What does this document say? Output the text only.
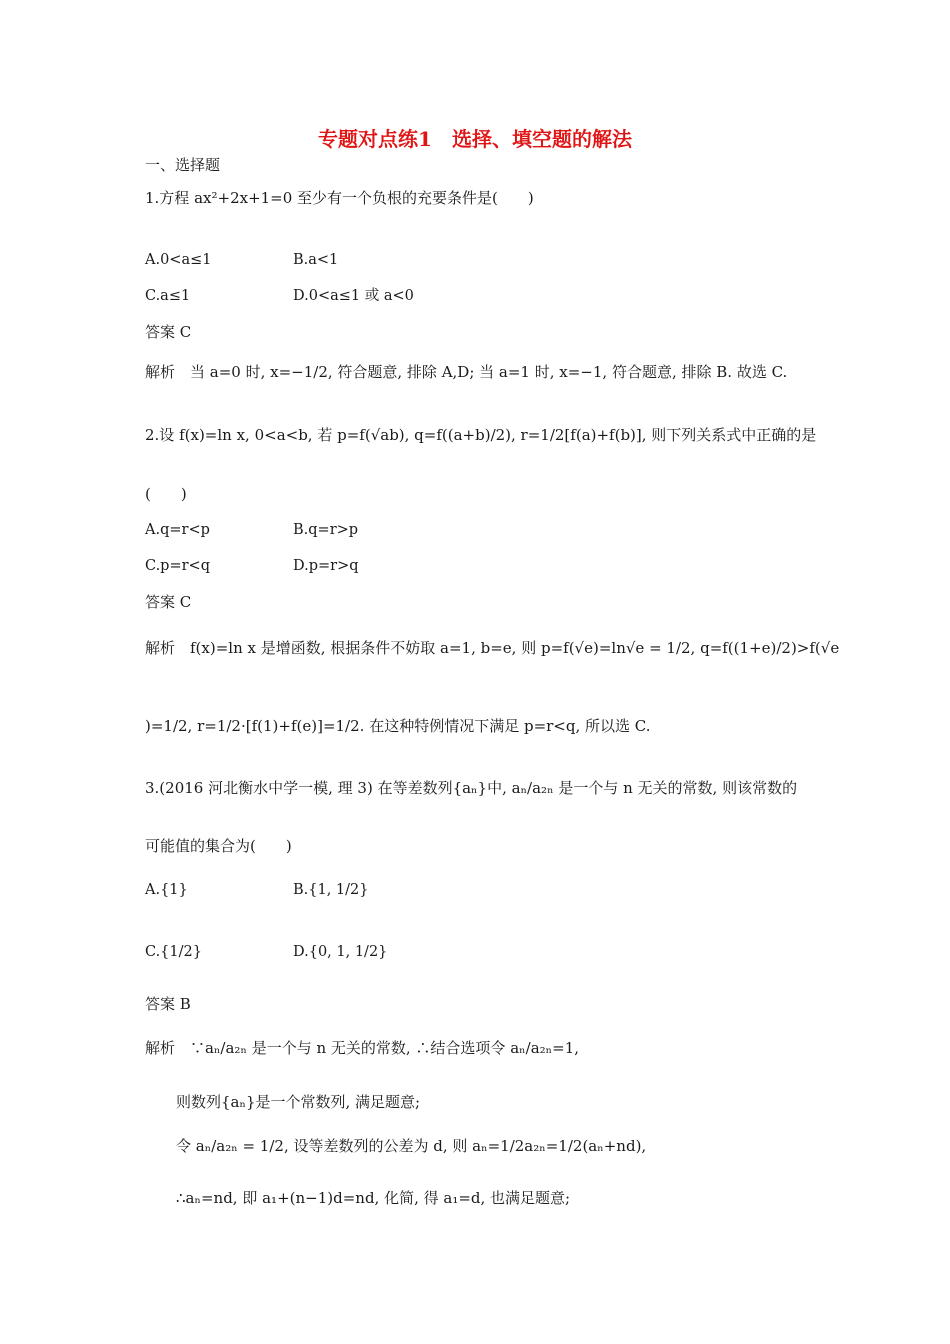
专题对点练1　选择、填空题的解法
一、选择题
1.方程 ax²+2x+1=0 至少有一个负根的充要条件是(　　)
A.0<a≤1	B.a<1
C.a≤1	D.0<a≤1 或 a<0
答案 C
解析　当 a=0 时, x=−1/2, 符合题意, 排除 A,D; 当 a=1 时, x=−1, 符合题意, 排除 B. 故选 C.
2.设 f(x)=ln x, 0<a<b, 若 p=f(√ab), q=f((a+b)/2), r=1/2[f(a)+f(b)], 则下列关系式中正确的是
(　　)
A.q=r<p	B.q=r>p
C.p=r<q	D.p=r>q
答案 C
解析　f(x)=ln x 是增函数, 根据条件不妨取 a=1, b=e, 则 p=f(√e)=ln√e = 1/2, q=f((1+e)/2)>f(√e
)=1/2, r=1/2·[f(1)+f(e)]=1/2. 在这种特例情况下满足 p=r<q, 所以选 C.
3.(2016 河北衡水中学一模, 理 3) 在等差数列{aₙ}中, aₙ/a₂ₙ 是一个与 n 无关的常数, 则该常数的
可能值的集合为(　　)
A.{1}	B.{1, 1/2}
C.{1/2}	D.{0, 1, 1/2}
答案 B
解析　∵aₙ/a₂ₙ 是一个与 n 无关的常数, ∴结合选项令 aₙ/a₂ₙ=1,
则数列{aₙ}是一个常数列, 满足题意;
令 aₙ/a₂ₙ = 1/2, 设等差数列的公差为 d, 则 aₙ=1/2a₂ₙ=1/2(aₙ+nd),
∴aₙ=nd, 即 a₁+(n−1)d=nd, 化简, 得 a₁=d, 也满足题意;
